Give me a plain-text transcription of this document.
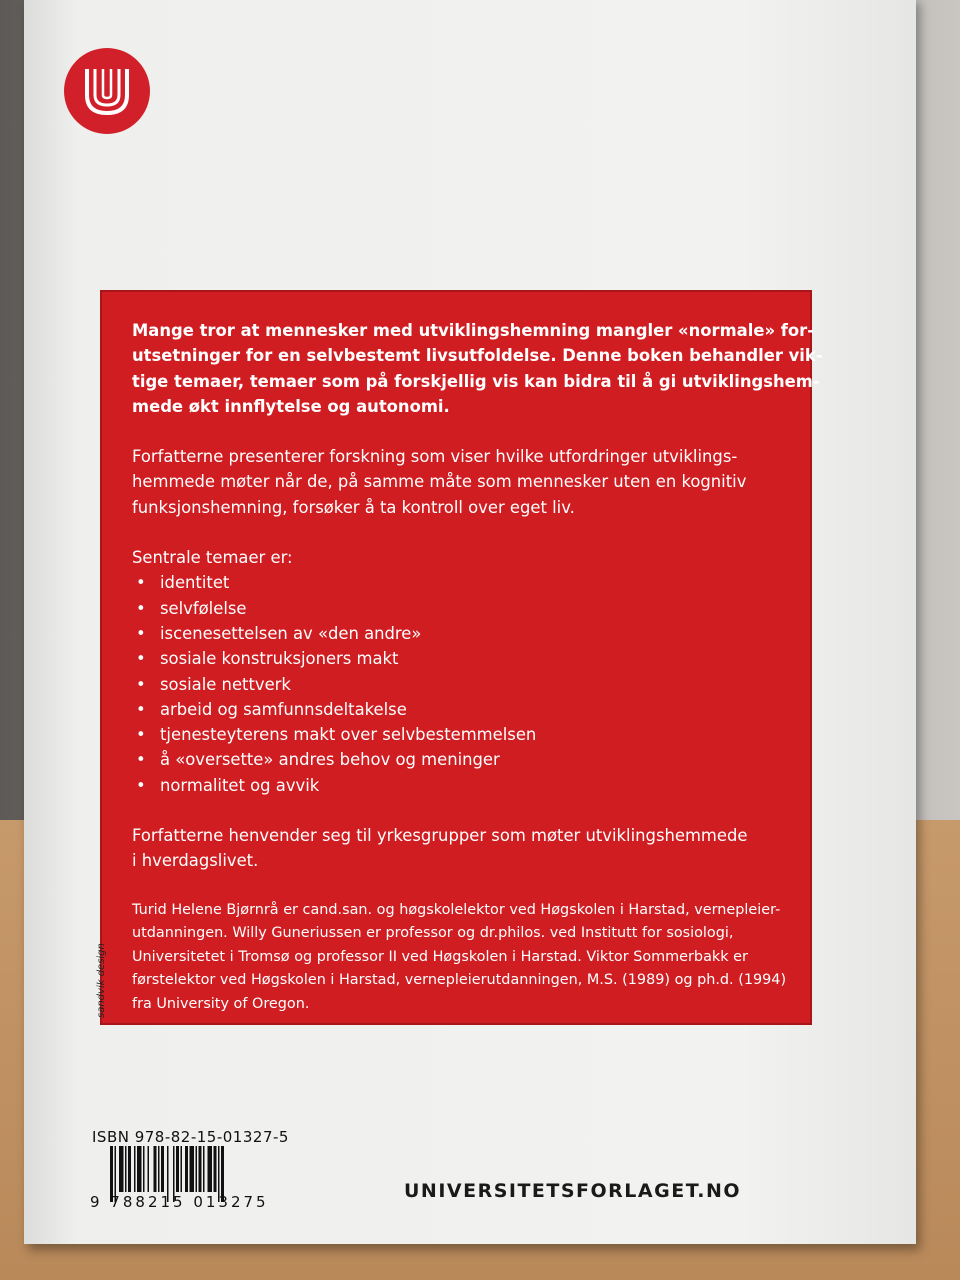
Mange tror at mennesker med utviklingshemning mangler «normale» for-
utsetninger for en selvbestemt livsutfoldelse. Denne boken behandler vik-
tige temaer, temaer som på forskjellig vis kan bidra til å gi utviklingshem-
mede økt innflytelse og autonomi.

Forfatterne presenterer forskning som viser hvilke utfordringer utviklings-
hemmede møter når de, på samme måte som mennesker uten en kognitiv
funksjonshemning, forsøker å ta kontroll over eget liv.

Sentrale temaer er:
• identitet
• selvfølelse
• iscenesettelsen av «den andre»
• sosiale konstruksjoners makt
• sosiale nettverk
• arbeid og samfunnsdeltakelse
• tjenesteyterens makt over selvbestemmelsen
• å «oversette» andres behov og meninger
• normalitet og avvik

Forfatterne henvender seg til yrkesgrupper som møter utviklingshemmede
i hverdagslivet.

Turid Helene Bjørnrå er cand.san. og høgskolelektor ved Høgskolen i Harstad, vernepleier-
utdanningen. Willy Guneriussen er professor og dr.philos. ved Institutt for sosiologi,
Universitetet i Tromsø og professor II ved Høgskolen i Harstad. Viktor Sommerbakk er
førstelektor ved Høgskolen i Harstad, vernepleierutdanningen, M.S. (1989) og ph.d. (1994)
fra University of Oregon.

sandvik design
ISBN 978-82-15-01327-5
9 788215 013275	UNIVERSITETSFORLAGET.NO
